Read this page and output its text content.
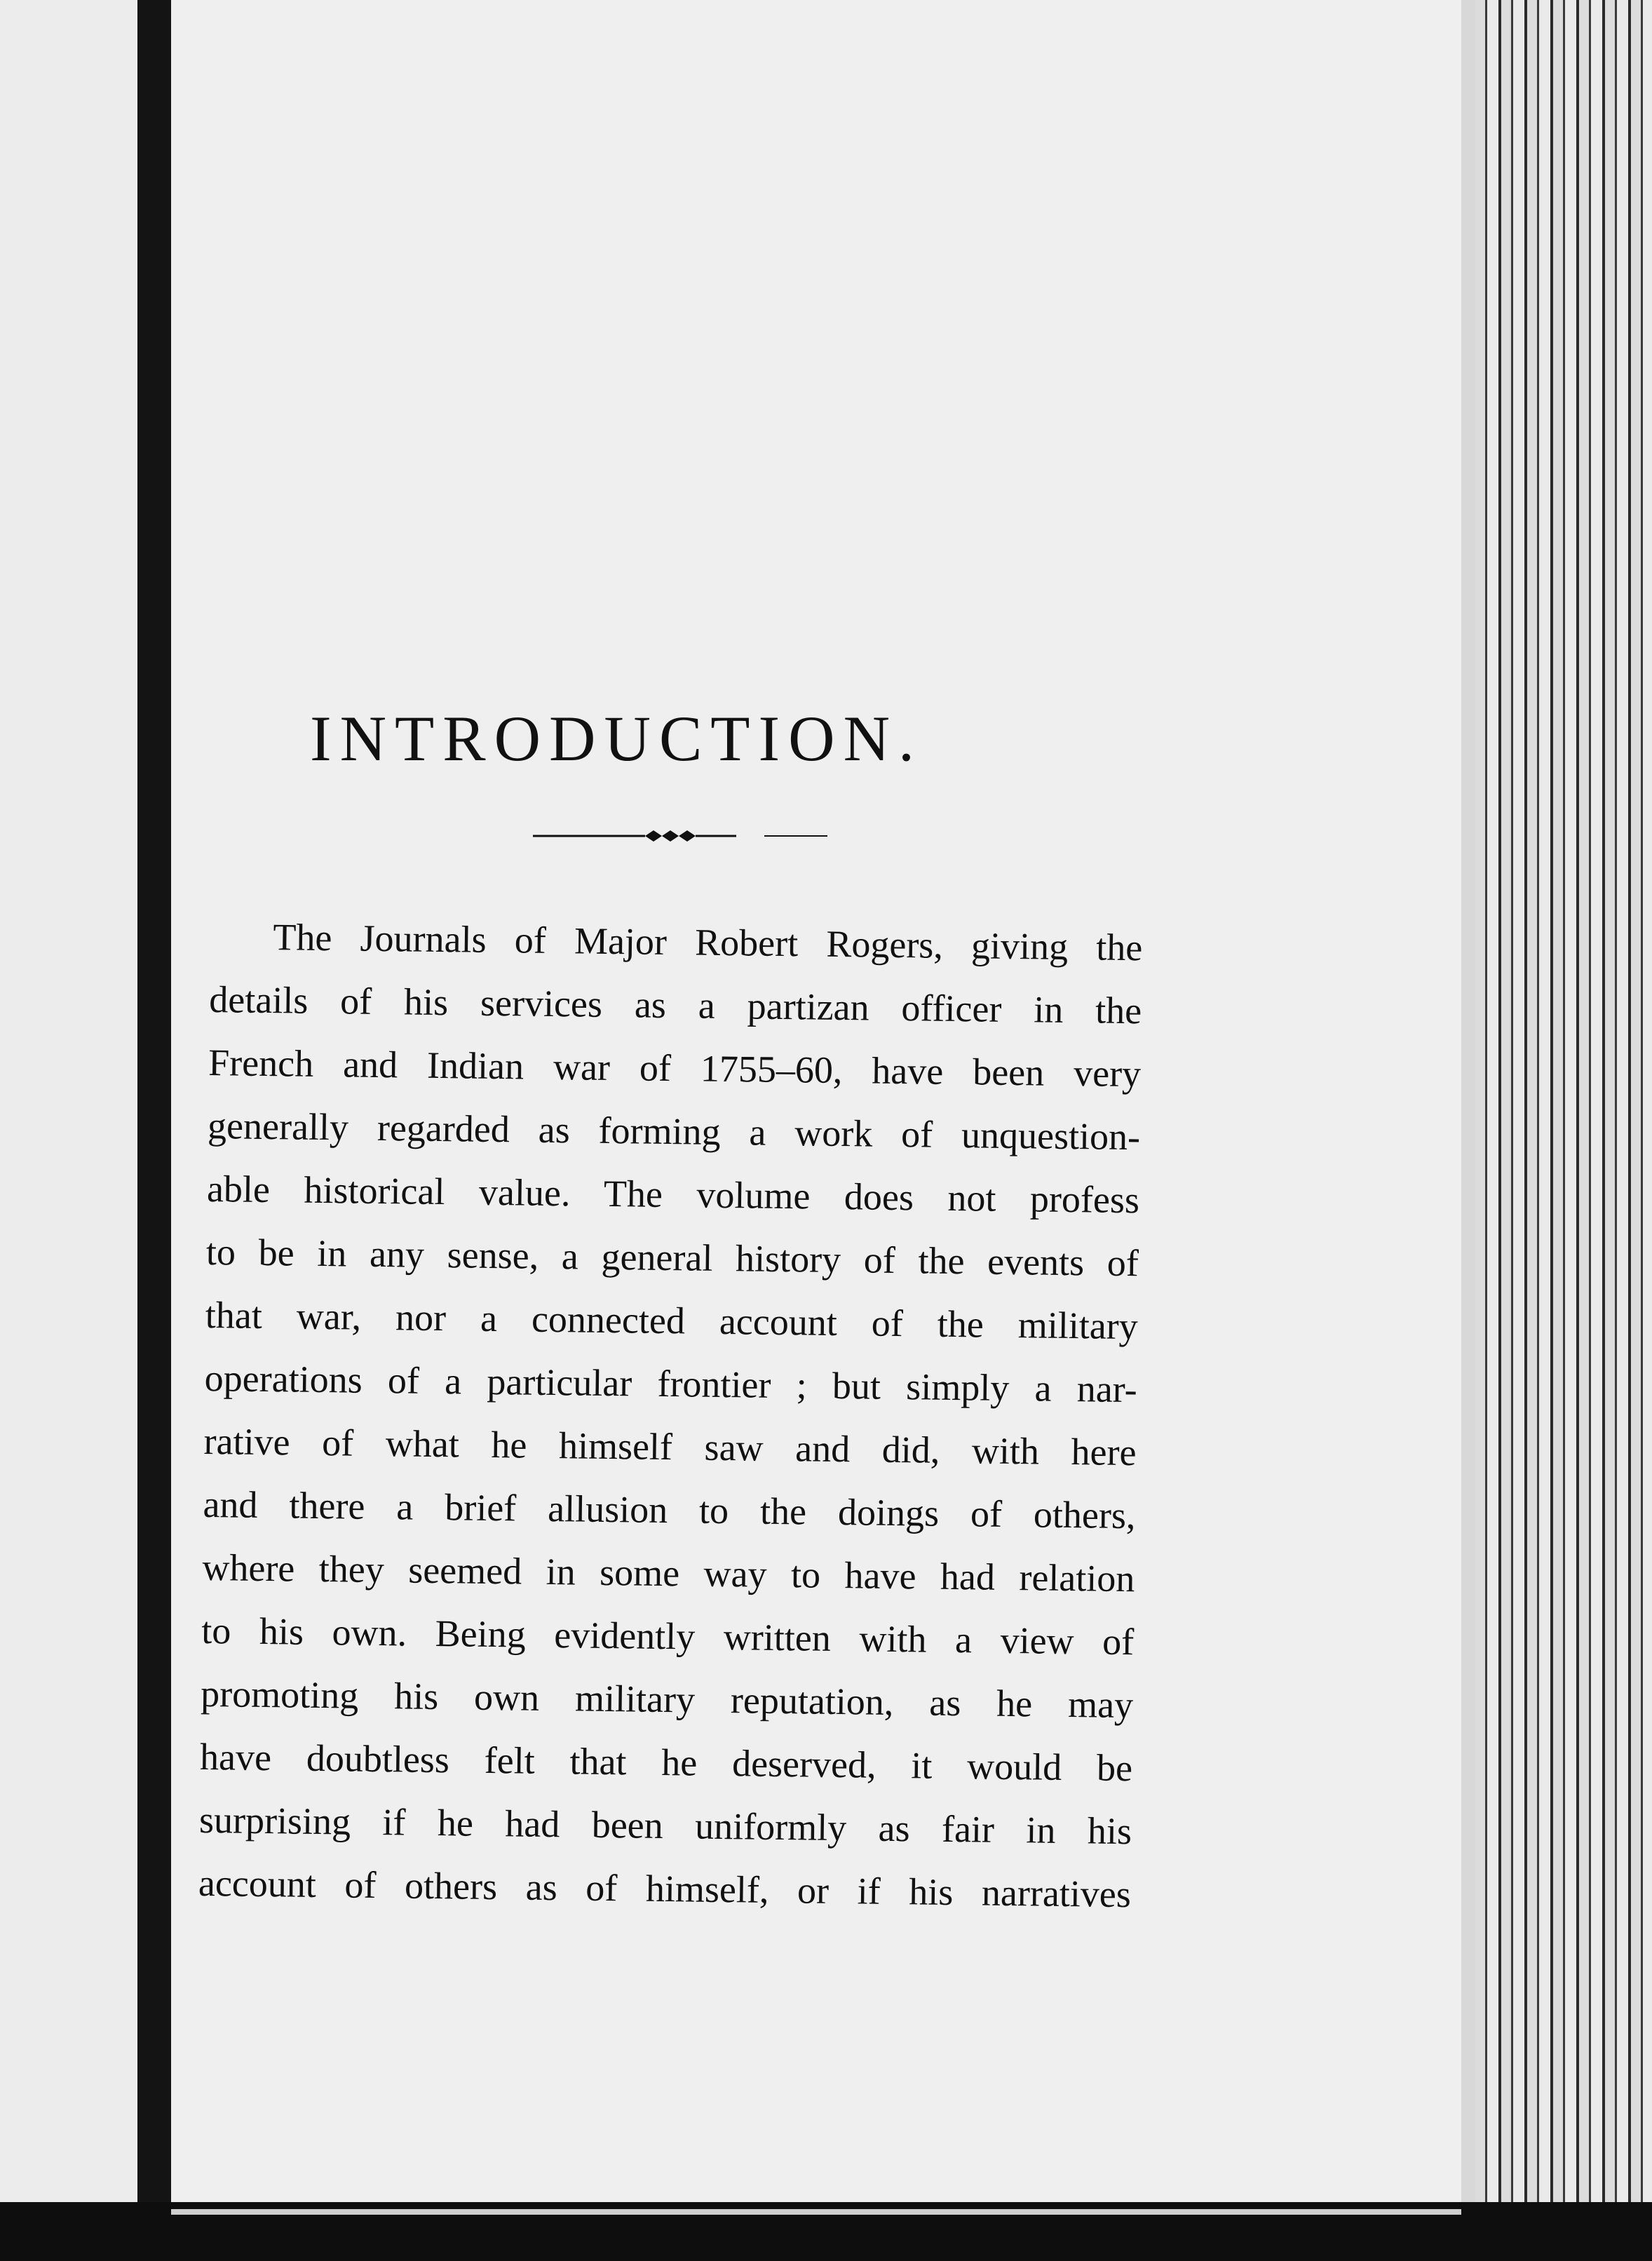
INTRODUCTION.
The Journals of Major Robert Rogers, giving the
details of his services as a partizan officer in the
French and Indian war of 1755–60, have been very
generally regarded as forming a work of unquestion-
able historical value. The volume does not profess
to be in any sense, a general history of the events of
that war, nor a connected account of the military
operations of a particular frontier ; but simply a nar-
rative of what he himself saw and did, with here
and there a brief allusion to the doings of others,
where they seemed in some way to have had relation
to his own. Being evidently written with a view of
promoting his own military reputation, as he may
have doubtless felt that he deserved, it would be
surprising if he had been uniformly as fair in his
account of others as of himself, or if his narratives
